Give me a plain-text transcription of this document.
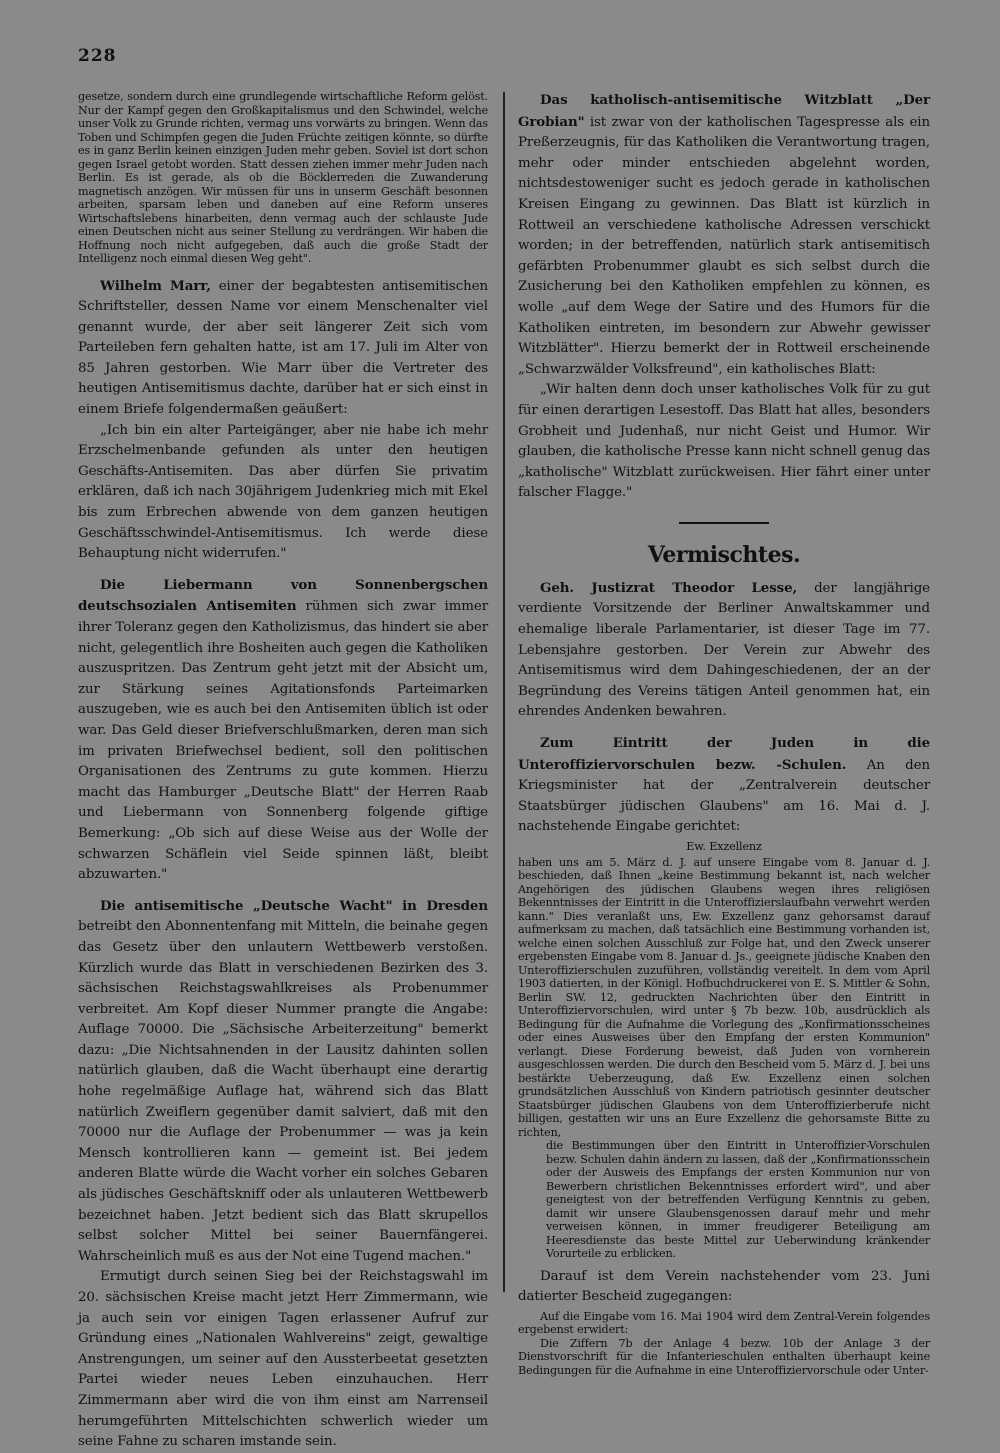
228

gesetze, sondern durch eine grundlegende wirtschaftliche Reform gelöst. Nur der Kampf gegen den Großkapitalismus und den Schwindel, welche unser Volk zu Grunde richten, vermag uns vorwärts zu bringen. Wenn das Toben und Schimpfen gegen die Juden Früchte zeitigen könnte, so dürfte es in ganz Berlin keinen einzigen Juden mehr geben. Soviel ist dort schon gegen Israel getobt worden. Statt dessen ziehen immer mehr Juden nach Berlin. Es ist gerade, als ob die Böcklerreden die Zuwanderung magnetisch anzögen. Wir müssen für uns in unserm Geschäft besonnen arbeiten, sparsam leben und daneben auf eine Reform unseres Wirtschaftslebens hinarbeiten, denn vermag auch der schlauste Jude einen Deutschen nicht aus seiner Stellung zu verdrängen. Wir haben die Hoffnung noch nicht aufgegeben, daß auch die große Stadt der Intelligenz noch einmal diesen Weg geht".

Wilhelm Marr, einer der begabtesten antisemitischen Schriftsteller, dessen Name vor einem Menschenalter viel genannt wurde, der aber seit längerer Zeit sich vom Parteileben fern gehalten hatte, ist am 17. Juli im Alter von 85 Jahren gestorben. Wie Marr über die Vertreter des heutigen Antisemitismus dachte, darüber hat er sich einst in einem Briefe folgendermaßen geäußert:

„Ich bin ein alter Parteigänger, aber nie habe ich mehr Erzschelmenbande gefunden als unter den heutigen Geschäfts-Antisemiten. Das aber dürfen Sie privatim erklären, daß ich nach 30jährigem Judenkrieg mich mit Ekel bis zum Erbrechen abwende von dem ganzen heutigen Geschäftsschwindel-Antisemitismus. Ich werde diese Behauptung nicht widerrufen."

Die Liebermann von Sonnenbergschen deutschsozialen Antisemiten rühmen sich zwar immer ihrer Toleranz gegen den Katholizismus, das hindert sie aber nicht, gelegentlich ihre Bosheiten auch gegen die Katholiken auszuspritzen. Das Zentrum geht jetzt mit der Absicht um, zur Stärkung seines Agitationsfonds Parteimarken auszugeben, wie es auch bei den Antisemiten üblich ist oder war. Das Geld dieser Briefverschlußmarken, deren man sich im privaten Briefwechsel bedient, soll den politischen Organisationen des Zentrums zu gute kommen. Hierzu macht das Hamburger „Deutsche Blatt" der Herren Raab und Liebermann von Sonnenberg folgende giftige Bemerkung: „Ob sich auf diese Weise aus der Wolle der schwarzen Schäflein viel Seide spinnen läßt, bleibt abzuwarten."

Die antisemitische „Deutsche Wacht" in Dresden betreibt den Abonnentenfang mit Mitteln, die beinahe gegen das Gesetz über den unlautern Wettbewerb verstoßen. Kürzlich wurde das Blatt in verschiedenen Bezirken des 3. sächsischen Reichstagswahlkreises als Probenummer verbreitet. Am Kopf dieser Nummer prangte die Angabe: Auflage 70000. Die „Sächsische Arbeiterzeitung" bemerkt dazu: „Die Nichtsahnenden in der Lausitz dahinten sollen natürlich glauben, daß die Wacht überhaupt eine derartig hohe regelmäßige Auflage hat, während sich das Blatt natürlich Zweiflern gegenüber damit salviert, daß mit den 70000 nur die Auflage der Probenummer — was ja kein Mensch kontrollieren kann — gemeint ist. Bei jedem anderen Blatte würde die Wacht vorher ein solches Gebaren als jüdisches Geschäftskniff oder als unlauteren Wettbewerb bezeichnet haben. Jetzt bedient sich das Blatt skrupellos selbst solcher Mittel bei seiner Bauernfängerei. Wahrscheinlich muß es aus der Not eine Tugend machen."

Ermutigt durch seinen Sieg bei der Reichstagswahl im 20. sächsischen Kreise macht jetzt Herr Zimmermann, wie ja auch sein vor einigen Tagen erlassener Aufruf zur Gründung eines „Nationalen Wahlvereins" zeigt, gewaltige Anstrengungen, um seiner auf den Aussterbeetat gesetzten Partei wieder neues Leben einzuhauchen. Herr Zimmermann aber wird die von ihm einst am Narrenseil herumgeführten Mittelschichten schwerlich wieder um seine Fahne zu scharen imstande sein.

Das katholisch-antisemitische Witzblatt „Der Grobian" ist zwar von der katholischen Tagespresse als ein Preßerzeugnis, für das Katholiken die Verantwortung tragen, mehr oder minder entschieden abgelehnt worden, nichtsdestoweniger sucht es jedoch gerade in katholischen Kreisen Eingang zu gewinnen. Das Blatt ist kürzlich in Rottweil an verschiedene katholische Adressen verschickt worden; in der betreffenden, natürlich stark antisemitisch gefärbten Probenummer glaubt es sich selbst durch die Zusicherung bei den Katholiken empfehlen zu können, es wolle „auf dem Wege der Satire und des Humors für die Katholiken eintreten, im besondern zur Abwehr gewisser Witzblätter". Hierzu bemerkt der in Rottweil erscheinende „Schwarzwälder Volksfreund", ein katholisches Blatt:

„Wir halten denn doch unser katholisches Volk für zu gut für einen derartigen Lesestoff. Das Blatt hat alles, besonders Grobheit und Judenhaß, nur nicht Geist und Humor. Wir glauben, die katholische Presse kann nicht schnell genug das „katholische" Witzblatt zurückweisen. Hier fährt einer unter falscher Flagge."

Vermischtes.

Geh. Justizrat Theodor Lesse, der langjährige verdiente Vorsitzende der Berliner Anwaltskammer und ehemalige liberale Parlamentarier, ist dieser Tage im 77. Lebensjahre gestorben. Der Verein zur Abwehr des Antisemitismus wird dem Dahingeschiedenen, der an der Begründung des Vereins tätigen Anteil genommen hat, ein ehrendes Andenken bewahren.

Zum Eintritt der Juden in die Unteroffiziervorschulen bezw. -Schulen. An den Kriegsminister hat der „Zentralverein deutscher Staatsbürger jüdischen Glaubens" am 16. Mai d. J. nachstehende Eingabe gerichtet:

Ew. Exzellenz

haben uns am 5. März d. J. auf unsere Eingabe vom 8. Januar d. J. beschieden, daß Ihnen „keine Bestimmung bekannt ist, nach welcher Angehörigen des jüdischen Glaubens wegen ihres religiösen Bekenntnisses der Eintritt in die Unteroffizierslaufbahn verwehrt werden kann." Dies veranlaßt uns, Ew. Exzellenz ganz gehorsamst darauf aufmerksam zu machen, daß tatsächlich eine Bestimmung vorhanden ist, welche einen solchen Ausschluß zur Folge hat, und den Zweck unserer ergebensten Eingabe vom 8. Januar d. Js., geeignete jüdische Knaben den Unteroffizierschulen zuzuführen, vollständig vereitelt. In dem vom April 1903 datierten, in der Königl. Hofbuchdruckerei von E. S. Mittler & Sohn, Berlin SW. 12, gedruckten Nachrichten über den Eintritt in Unteroffiziervorschulen, wird unter § 7b bezw. 10b, ausdrücklich als Bedingung für die Aufnahme die Vorlegung des „Konfirmationsscheines oder eines Ausweises über den Empfang der ersten Kommunion" verlangt. Diese Forderung beweist, daß Juden von vornherein ausgeschlossen werden. Die durch den Bescheid vom 5. März d. J. bei uns bestärkte Ueberzeugung, daß Ew. Exzellenz einen solchen grundsätzlichen Ausschluß von Kindern patriotisch gesinnter deutscher Staatsbürger jüdischen Glaubens von dem Unteroffizierberufe nicht billigen, gestatten wir uns an Eure Exzellenz die gehorsamste Bitte zu richten,

die Bestimmungen über den Eintritt in Unteroffizier-Vorschulen bezw. Schulen dahin ändern zu lassen, daß der „Konfirmationsschein oder der Ausweis des Empfangs der ersten Kommunion nur von Bewerbern christlichen Bekenntnisses erfordert wird", und aber geneigtest von der betreffenden Verfügung Kenntnis zu geben, damit wir unsere Glaubensgenossen darauf mehr und mehr verweisen können, in immer freudigerer Beteiligung am Heeresdienste das beste Mittel zur Ueberwindung kränkender Vorurteile zu erblicken.

Darauf ist dem Verein nachstehender vom 23. Juni datierter Bescheid zugegangen:

Auf die Eingabe vom 16. Mai 1904 wird dem Zentral-Verein folgendes ergebenst erwidert:

Die Ziffern 7b der Anlage 4 bezw. 10b der Anlage 3 der Dienstvorschrift für die Infanterieschulen enthalten überhaupt keine Bedingungen für die Aufnahme in eine Unteroffiziervorschule oder Unter-
